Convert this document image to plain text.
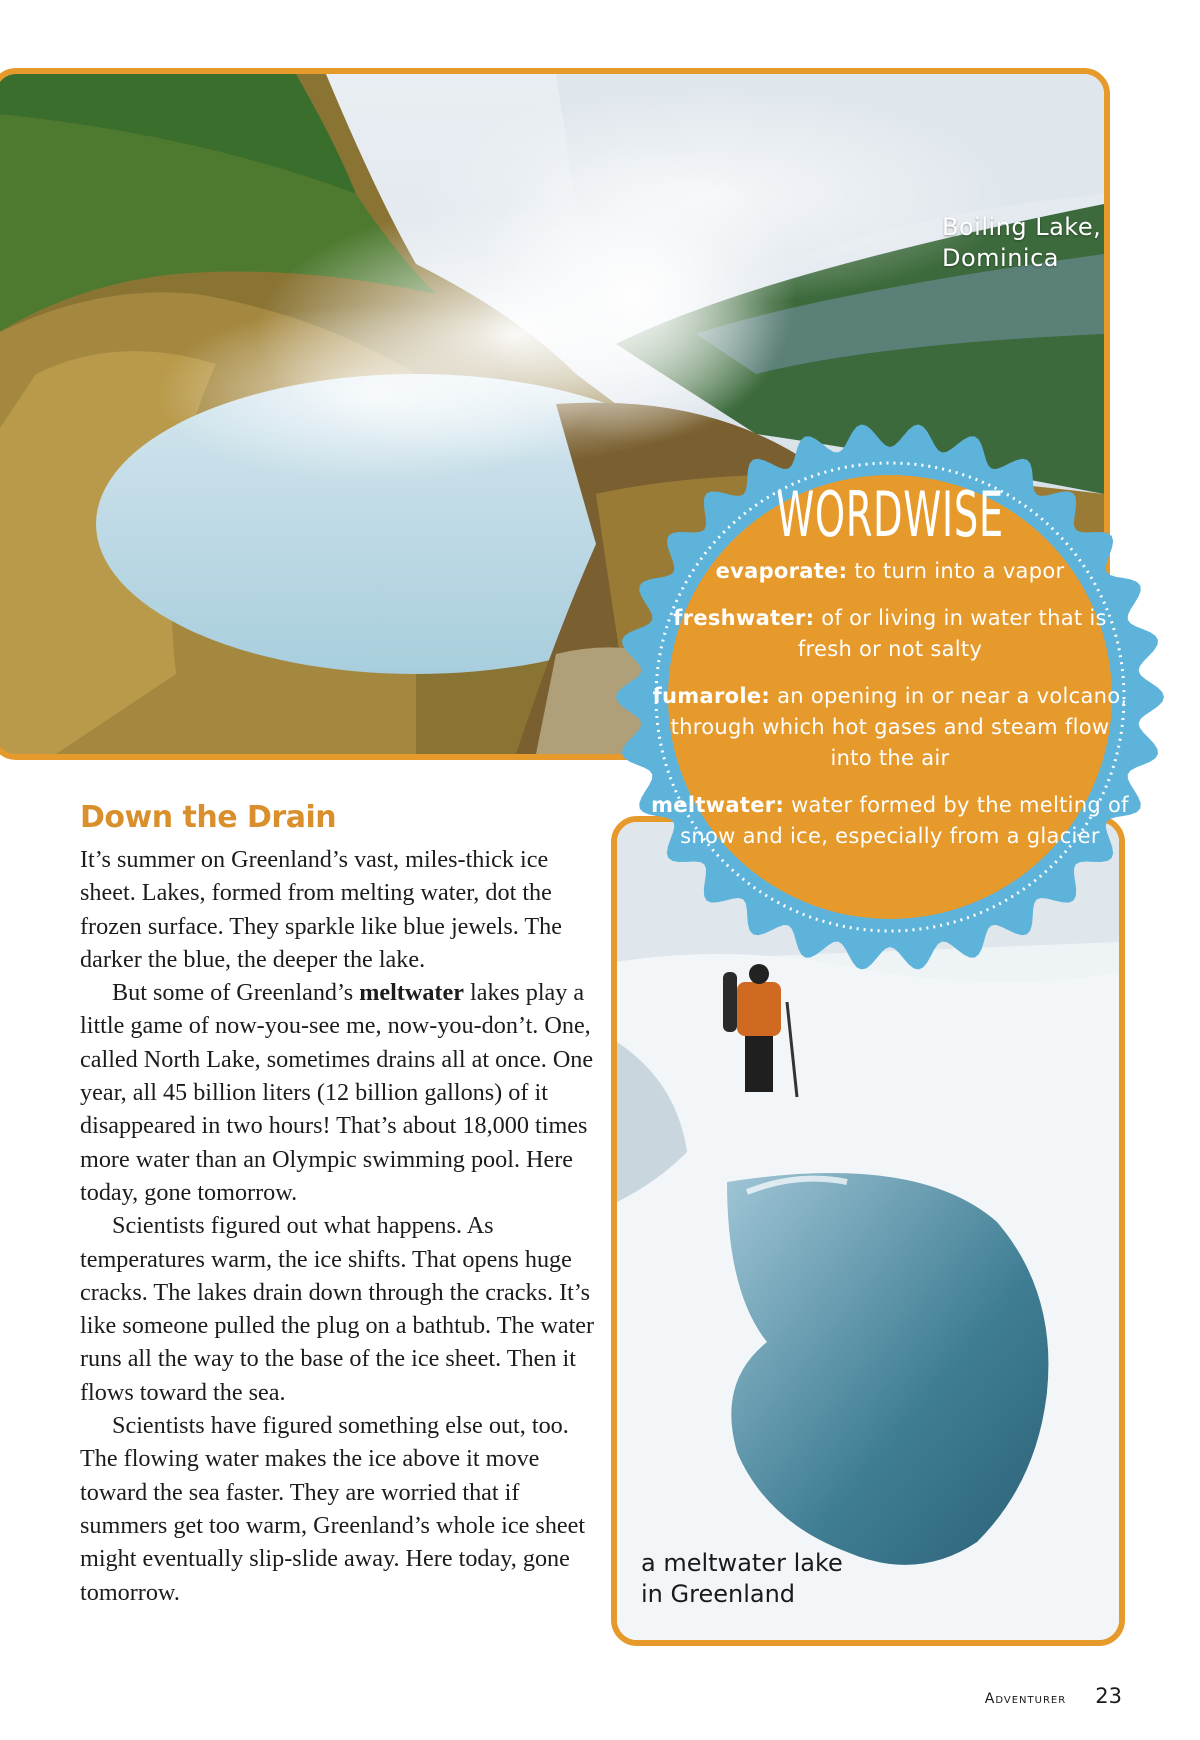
Boiling Lake,
Dominica
a meltwater lake
in Greenland
WORDWISE
evaporate: to turn into a vapor
freshwater: of or living in water that is fresh or not salty
fumarole: an opening in or near a volcano, through which hot gases and steam flow into the air
meltwater: water formed by the melting of snow and ice, especially from a glacier
Down the Drain

It’s summer on Greenland’s vast, miles-thick ice sheet. Lakes, formed from melting water, dot the frozen surface. They sparkle like blue jewels. The darker the blue, the deeper the lake.

But some of Greenland’s meltwater lakes play a little game of now-you-see me, now-you-don’t. One, called North Lake, sometimes drains all at once. One year, all 45 billion liters (12 billion gallons) of it disappeared in two hours! That’s about 18,000 times more water than an Olympic swimming pool. Here today, gone tomorrow.

Scientists figured out what happens. As temperatures warm, the ice shifts. That opens huge cracks. The lakes drain down through the cracks. It’s like someone pulled the plug on a bathtub. The water runs all the way to the base of the ice sheet. Then it flows toward the sea.

Scientists have figured something else out, too. The flowing water makes the ice above it move toward the sea faster. They are worried that if summers get too warm, Greenland’s whole ice sheet might eventually slip-slide away. Here today, gone tomorrow.

Adventurer 23
